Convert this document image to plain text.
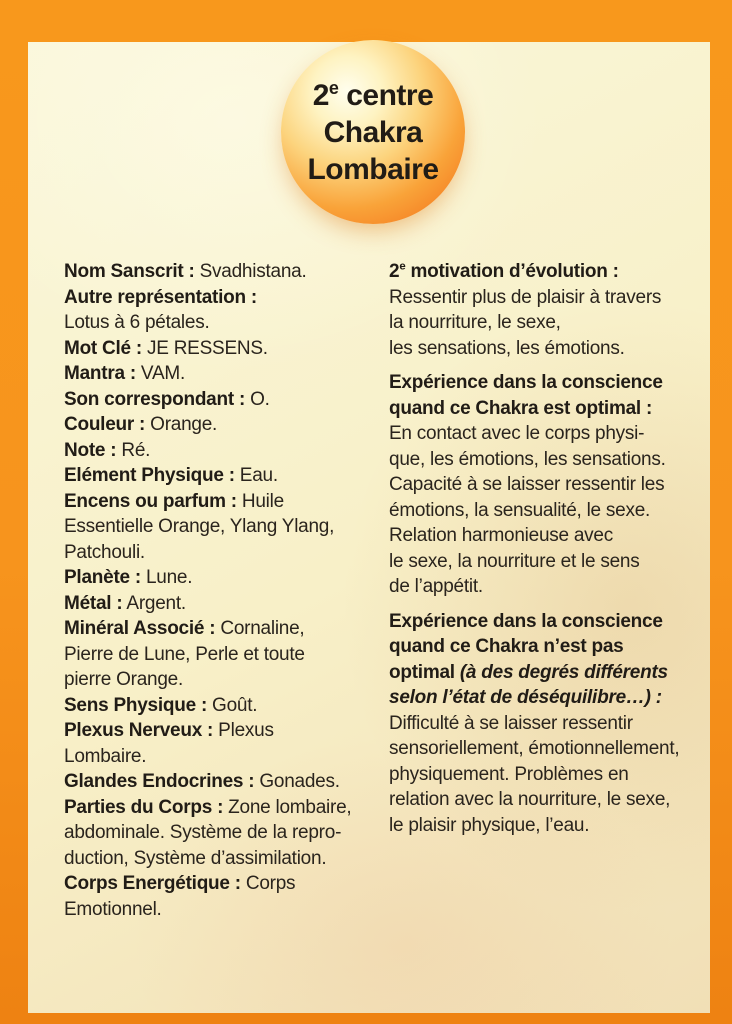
2e centre
Chakra
Lombaire
Nom Sanscrit : Svadhistana.
Autre représentation :
Lotus à 6 pétales.
Mot Clé : JE RESSENS.
Mantra : VAM.
Son correspondant : O.
Couleur : Orange.
Note : Ré.
Elément Physique : Eau.
Encens ou parfum : Huile
Essentielle Orange, Ylang Ylang,
Patchouli.
Planète : Lune.
Métal : Argent.
Minéral Associé : Cornaline,
Pierre de Lune, Perle et toute
pierre Orange.
Sens Physique : Goût.
Plexus Nerveux : Plexus
Lombaire.
Glandes Endocrines : Gonades.
Parties du Corps : Zone lombaire,
abdominale. Système de la repro-
duction, Système d’assimilation.
Corps Energétique : Corps
Emotionnel.
2e motivation d’évolution :
Ressentir plus de plaisir à travers
la nourriture, le sexe,
les sensations, les émotions.
Expérience dans la conscience
quand ce Chakra est optimal :
En contact avec le corps physi-
que, les émotions, les sensations.
Capacité à se laisser ressentir les
émotions, la sensualité, le sexe.
Relation harmonieuse avec
le sexe, la nourriture et le sens
de l’appétit.
Expérience dans la conscience
quand ce Chakra n’est pas
optimal (à des degrés différents
selon l’état de déséquilibre…) :
Difficulté à se laisser ressentir
sensoriellement, émotionnellement,
physiquement. Problèmes en
relation avec la nourriture, le sexe,
le plaisir physique, l’eau.
